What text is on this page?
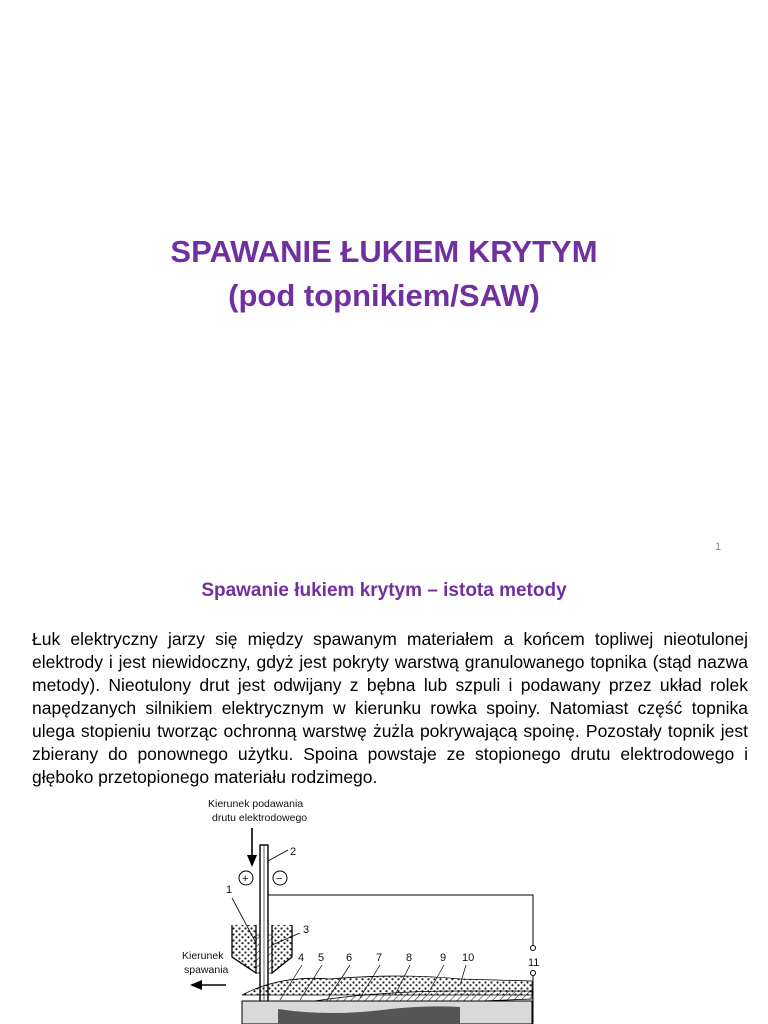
SPAWANIE ŁUKIEM KRYTYM
(pod topnikiem/SAW)
1
Spawanie łukiem krytym – istota metody
Łuk elektryczny jarzy się między spawanym materiałem a końcem topliwej nieotulonej elektrody i jest niewidoczny, gdyż jest pokryty warstwą granulowanego topnika (stąd nazwa metody). Nieotulony drut jest odwijany z bębna lub szpuli i podawany przez układ rolek napędzanych silnikiem elektrycznym w kierunku rowka spoiny. Natomiast część topnika ulega stopieniu tworząc ochronną warstwę żużla pokrywającą spoinę. Pozostały topnik jest zbierany do ponownego użytku. Spoina powstaje ze stopionego drutu elektrodowego i głęboko przetopionego materiału rodzimego.
Kierunek podawania
drutu elektrodowego
2
+	−
11
1
3
4 5 6 7 8	9 10
Kierunek
spawania
